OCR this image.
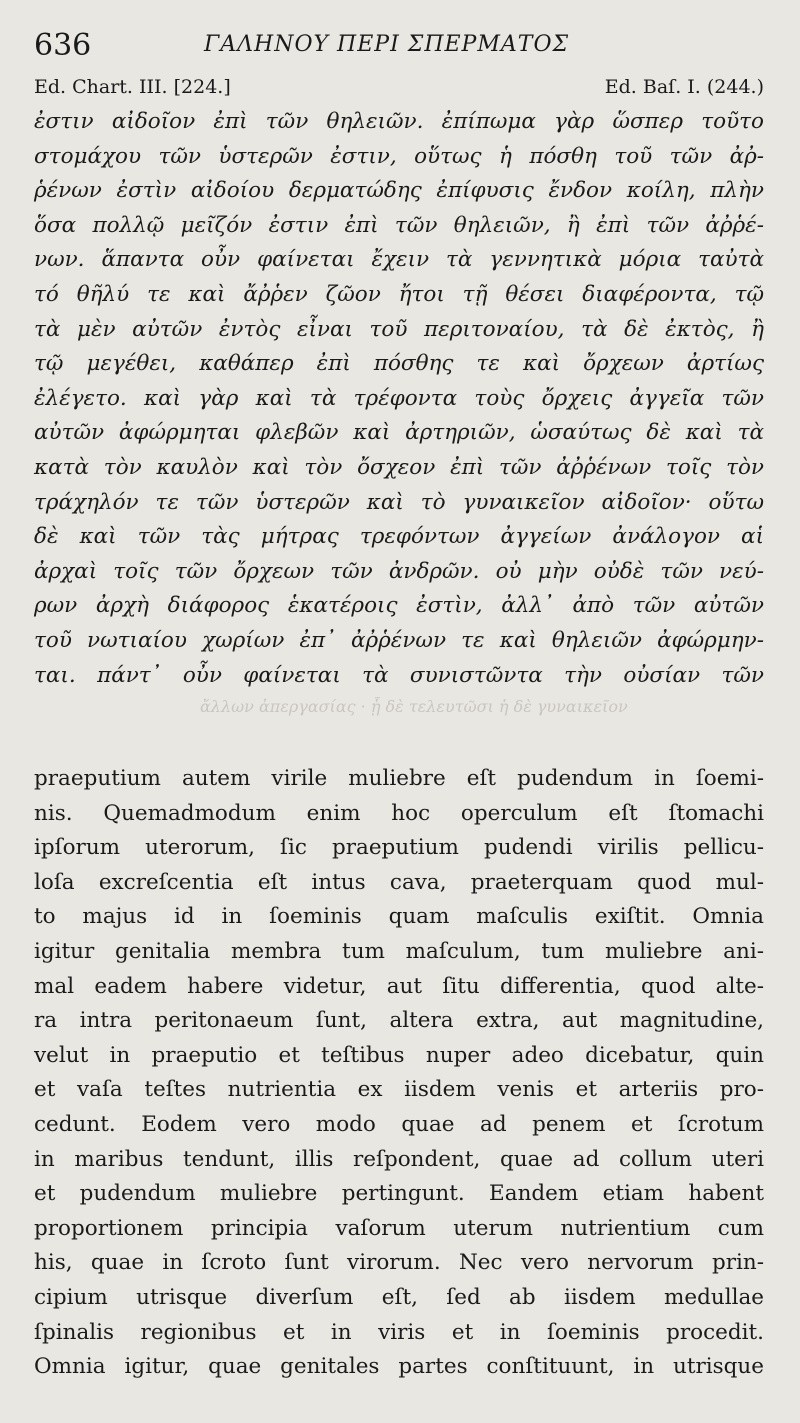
636	ΓΑΛΗΝΟΥ ΠΕΡΙ ΣΠΕΡΜΑΤΟΣ
Ed. Chart. III. [224.]	Ed. Baſ. I. (244.)
ἐστιν αἰδοῖον ἐπὶ τῶν θηλειῶν. ἐπίπωμα γὰρ ὥσπερ τοῦτο
στομάχου τῶν ὑστερῶν ἐστιν, οὕτως ἡ πόσθη τοῦ τῶν ἀῤ-
ῥένων ἐστὶν αἰδοίου δερματώδης ἐπίφυσις ἔνδον κοίλη, πλὴν
ὅσα πολλῷ μεῖζόν ἐστιν ἐπὶ τῶν θηλειῶν, ἢ ἐπὶ τῶν ἀῤῥέ-
νων. ἅπαντα οὖν φαίνεται ἔχειν τὰ γεννητικὰ μόρια ταὐτὰ
τό θῆλύ τε καὶ ἄῤῥεν ζῶον ἤτοι τῇ θέσει διαφέροντα, τῷ
τὰ μὲν αὐτῶν ἐντὸς εἶναι τοῦ περιτοναίου, τὰ δὲ ἐκτὸς, ἢ
τῷ μεγέθει, καθάπερ ἐπὶ πόσθης τε καὶ ὄρχεων ἀρτίως
ἐλέγετο. καὶ γὰρ καὶ τὰ τρέφοντα τοὺς ὄρχεις ἀγγεῖα τῶν
αὐτῶν ἀφώρμηται φλεβῶν καὶ ἀρτηριῶν, ὡσαύτως δὲ καὶ τὰ
κατὰ τὸν καυλὸν καὶ τὸν ὄσχεον ἐπὶ τῶν ἀῤῥένων τοῖς τὸν
τράχηλόν τε τῶν ὑστερῶν καὶ τὸ γυναικεῖον αἰδοῖον· οὕτω
δὲ καὶ τῶν τὰς μήτρας τρεφόντων ἀγγείων ἀνάλογον αἱ
ἀρχαὶ τοῖς τῶν ὄρχεων τῶν ἀνδρῶν. οὐ μὴν οὐδὲ τῶν νεύ-
ρων ἀρχὴ διάφορος ἑκατέροις ἐστὶν, ἀλλ᾽ ἀπὸ τῶν αὐτῶν
τοῦ νωτιαίου χωρίων ἐπ᾽ ἀῤῥένων τε καὶ θηλειῶν ἀφώρμην-
ται. πάντ᾽ οὖν φαίνεται τὰ συνιστῶντα τὴν οὐσίαν τῶν
ἄλλων ἀπεργασίας · ᾗ δὲ τελευτῶσι ἡ δὲ γυναικεῖον
praeputium autem virile muliebre eſt pudendum in ſoemi-
nis. Quemadmodum enim hoc operculum eſt ſtomachi
ipſorum uterorum, ſic praeputium pudendi virilis pellicu-
loſa excreſcentia eſt intus cava, praeterquam quod mul-
to majus id in ſoeminis quam maſculis exiſtit. Omnia
igitur genitalia membra tum maſculum, tum muliebre ani-
mal eadem habere videtur, aut ſitu differentia, quod alte-
ra intra peritonaeum ſunt, altera extra, aut magnitudine,
velut in praeputio et teſtibus nuper adeo dicebatur, quin
et vaſa teſtes nutrientia ex iisdem venis et arteriis pro-
cedunt. Eodem vero modo quae ad penem et ſcrotum
in maribus tendunt, illis reſpondent, quae ad collum uteri
et pudendum muliebre pertingunt. Eandem etiam habent
proportionem principia vaſorum uterum nutrientium cum
his, quae in ſcroto ſunt virorum. Nec vero nervorum prin-
cipium utrisque diverſum eſt, ſed ab iisdem medullae
ſpinalis regionibus et in viris et in ſoeminis procedit.
Omnia igitur, quae genitales partes conſtituunt, in utrisque
